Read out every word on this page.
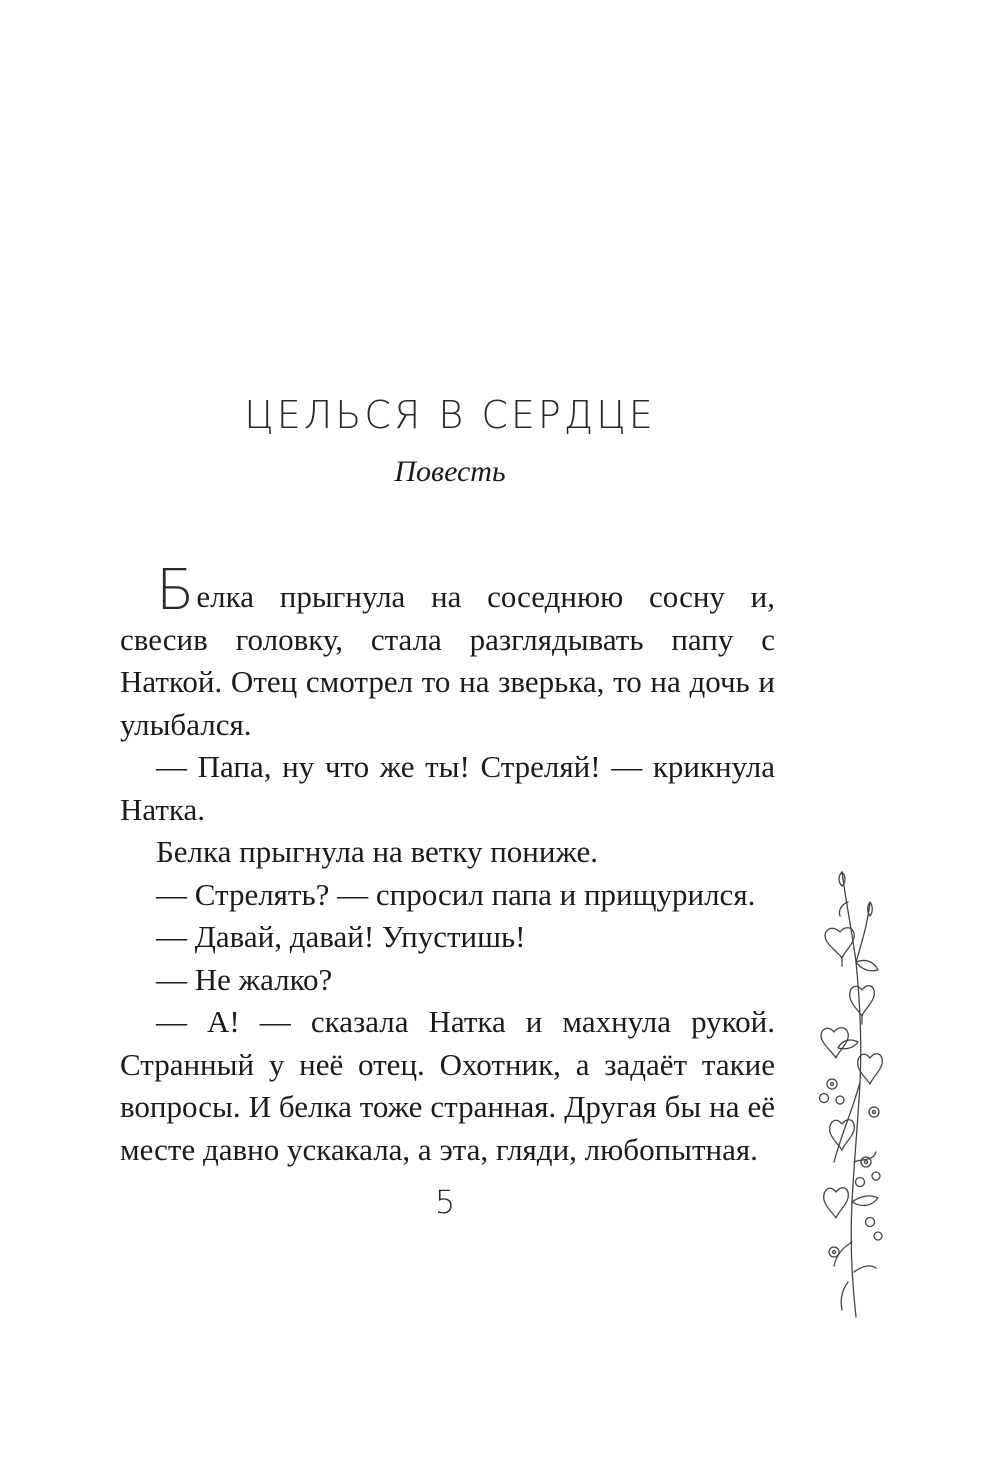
ЦЕЛЬСЯ В СЕРДЦЕ
Повесть

Белка прыгнула на соседнюю сосну и, свесив головку, стала разглядывать папу с Наткой. Отец смотрел то на зверька, то на дочь и улыбался.

— Папа, ну что же ты! Стреляй! — крикнула Натка.

Белка прыгнула на ветку пониже.

— Стрелять? — спросил папа и прищурился.

— Давай, давай! Упустишь!

— Не жалко?

— А! — сказала Натка и махнула рукой. Странный у неё отец. Охотник, а задаёт такие вопросы. И белка тоже странная. Другая бы на её месте давно ускакала, а эта, гляди, любопытная.

5
